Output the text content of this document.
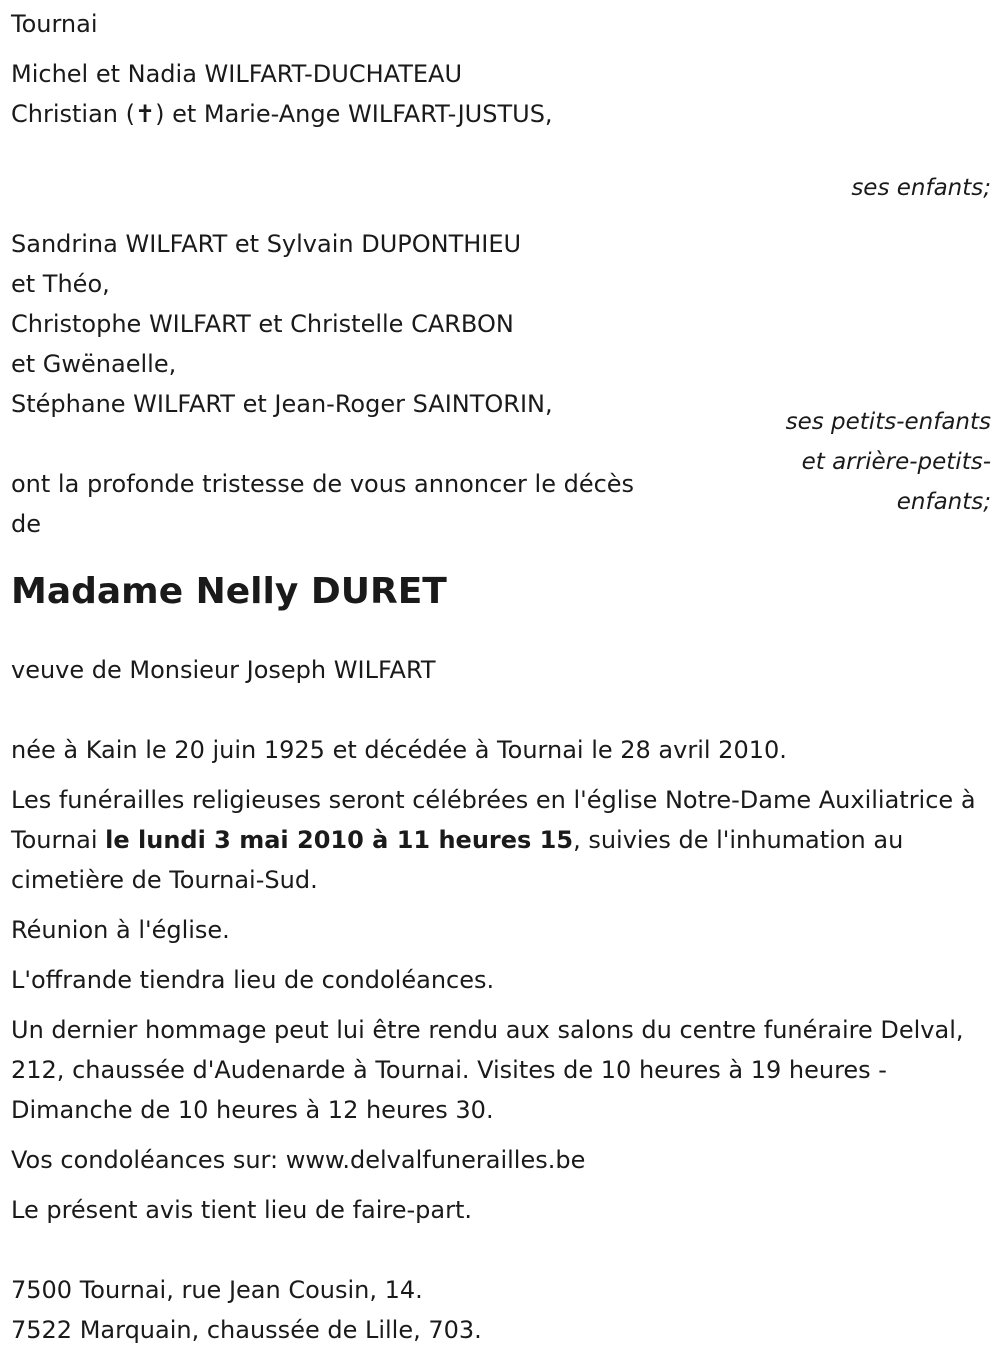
Tournai
Michel et Nadia WILFART-DUCHATEAU
Christian (✝) et Marie-Ange WILFART-JUSTUS,
ses enfants;
Sandrina WILFART et Sylvain DUPONTHIEU
et Théo,
Christophe WILFART et Christelle CARBON
et Gwënaelle,
Stéphane WILFART et Jean-Roger SAINTORIN,
ses petits-enfants
et arrière-petits-
enfants;
ont la profonde tristesse de vous annoncer le décès
de
Madame Nelly DURET
veuve de Monsieur Joseph WILFART

née à Kain le 20 juin 1925 et décédée à Tournai le 28 avril 2010.

Les funérailles religieuses seront célébrées en l'église Notre-Dame Auxiliatrice à Tournai le lundi 3 mai 2010 à 11 heures 15, suivies de l'inhumation au cimetière de Tournai-Sud.

Réunion à l'église.

L'offrande tiendra lieu de condoléances.

Un dernier hommage peut lui être rendu aux salons du centre funéraire Delval, 212, chaussée d'Audenarde à Tournai. Visites de 10 heures à 19 heures - Dimanche de 10 heures à 12 heures 30.

Vos condoléances sur: www.delvalfunerailles.be

Le présent avis tient lieu de faire-part.

7500 Tournai, rue Jean Cousin, 14.
7522 Marquain, chaussée de Lille, 703.
